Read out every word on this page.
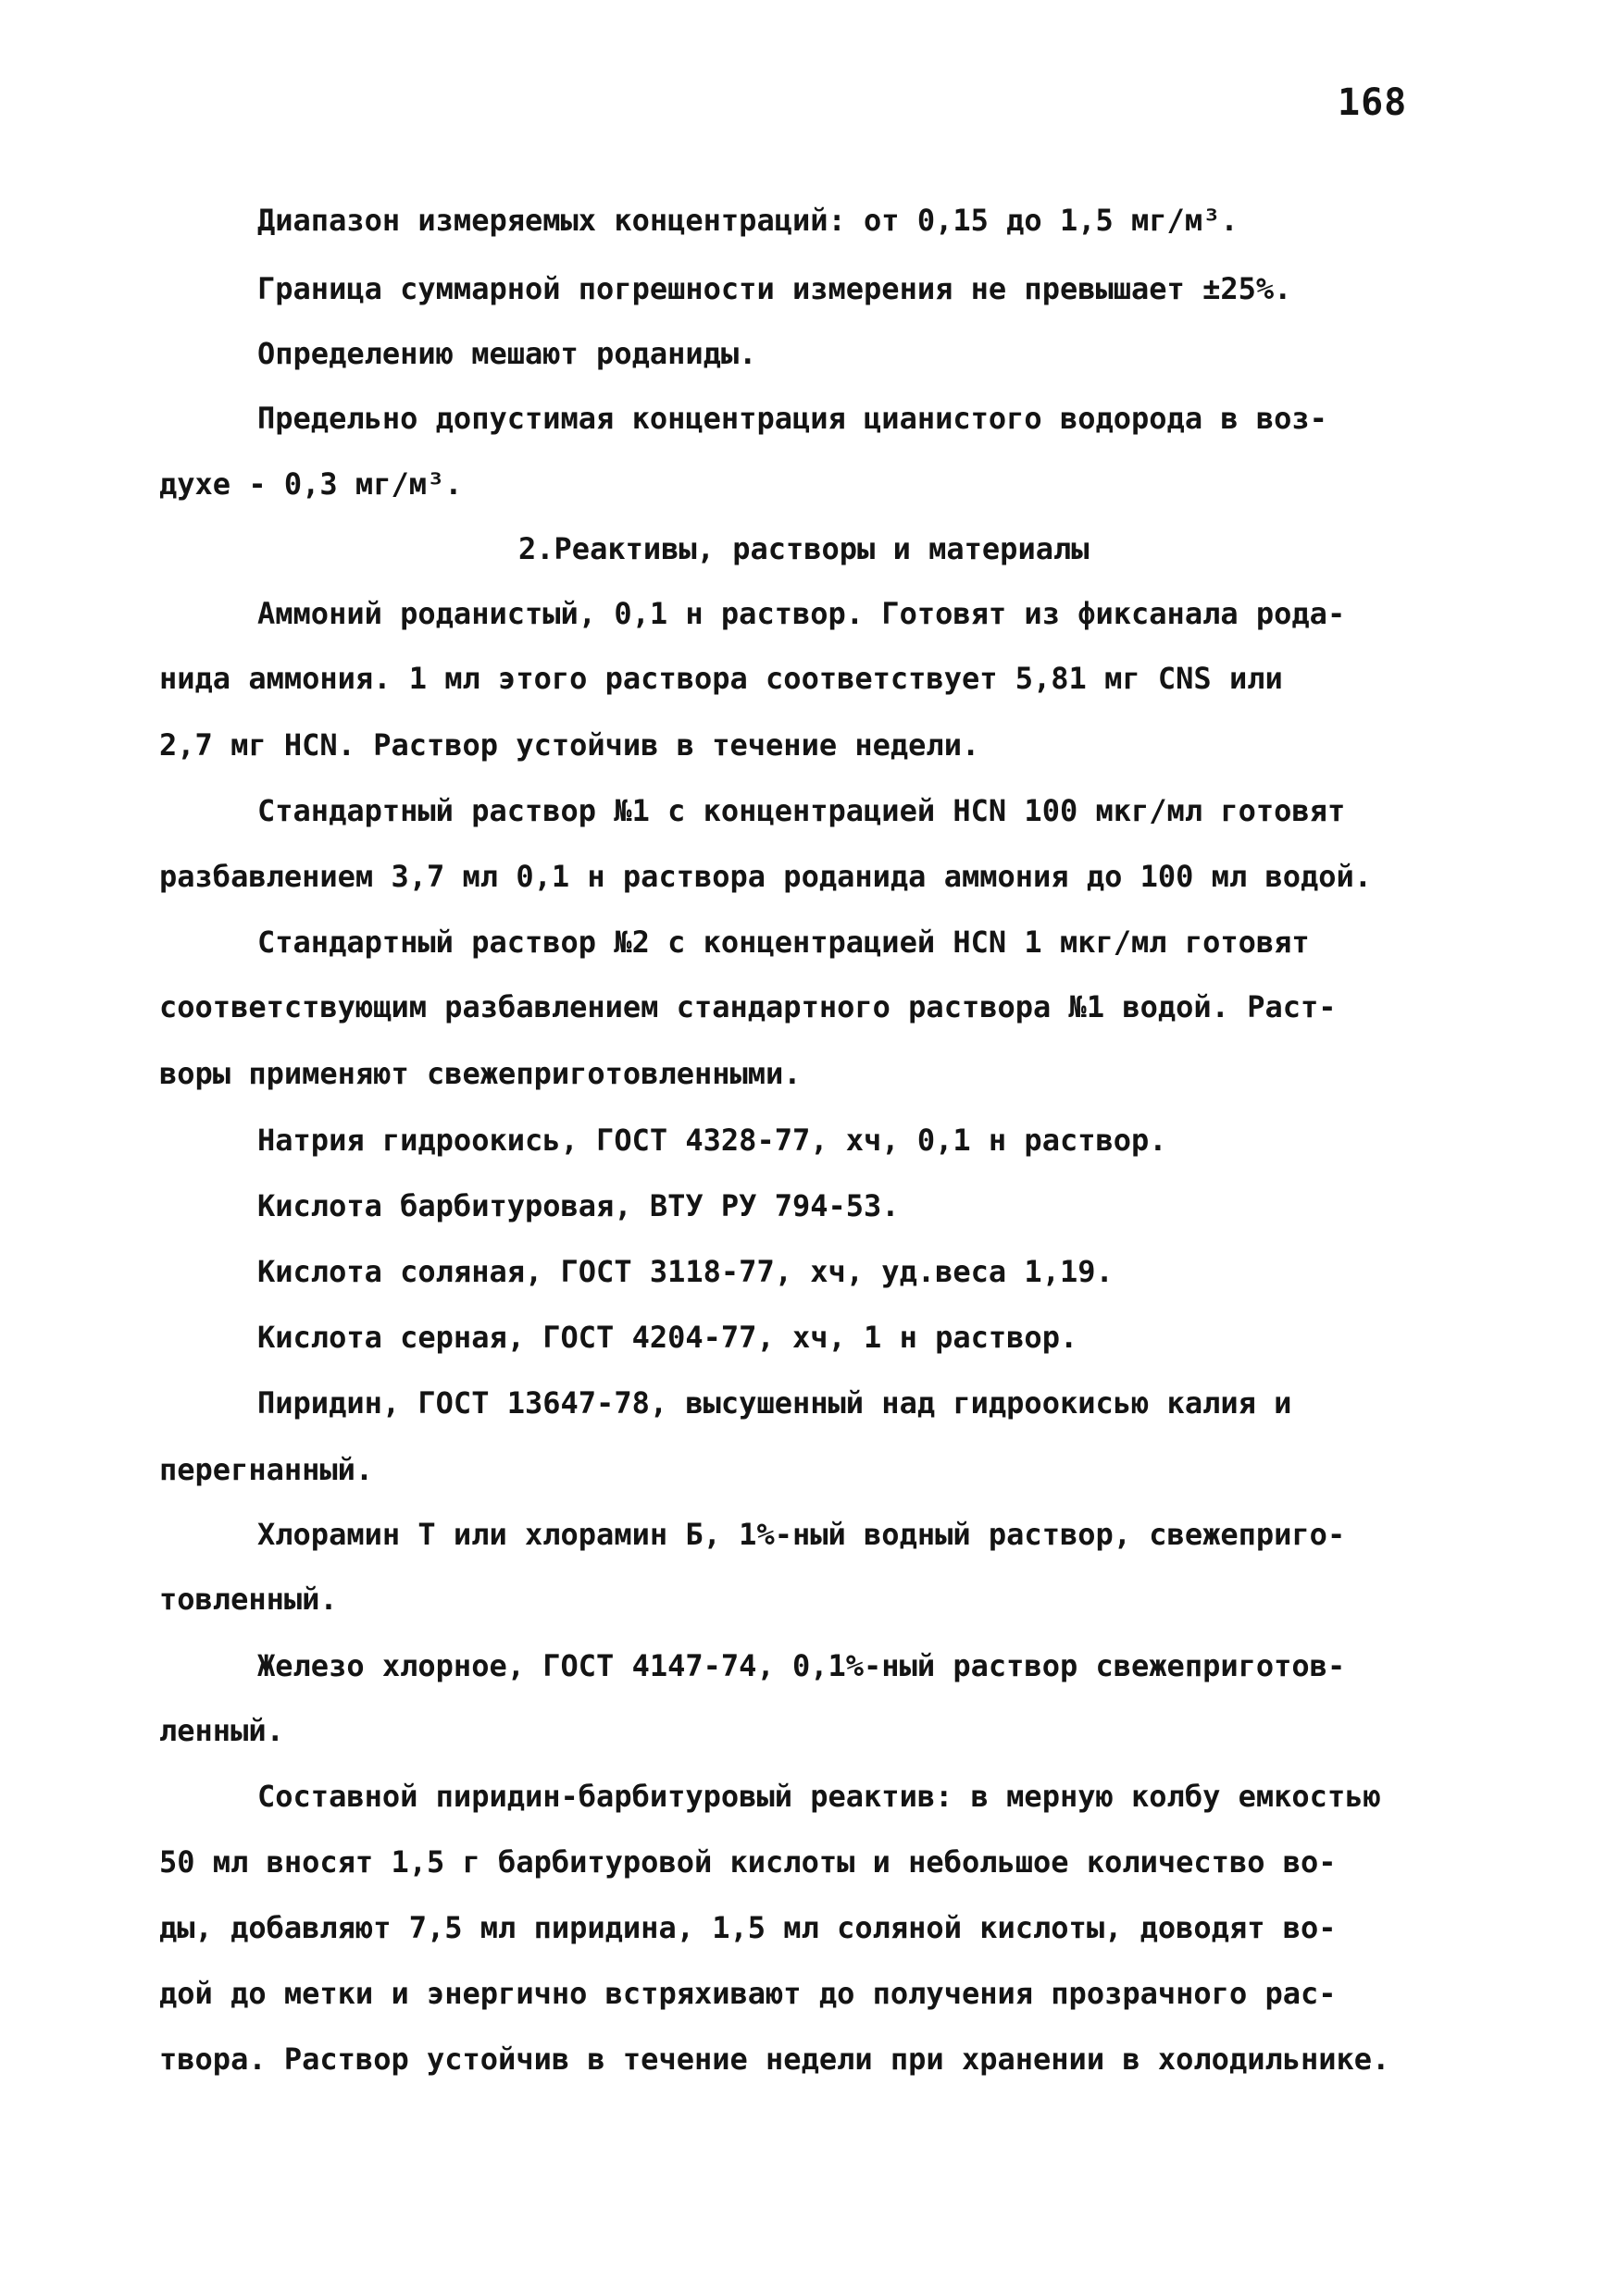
168
Диапазон измеряемых концентраций: от 0,15 до 1,5 мг/м³.
Граница суммарной погрешности измерения не превышает ±25%.
Определению мешают роданиды.
Предельно допустимая концентрация цианистого водорода в воз-
духе - 0,3 мг/м³.
2.Реактивы, растворы и материалы
Аммоний роданистый, 0,1 н раствор. Готовят из фиксанала рода-
нида аммония. 1 мл этого раствора соответствует 5,81 мг CNS или
2,7 мг HCN. Раствор устойчив в течение недели.
Стандартный раствор №1 с концентрацией HCN 100 мкг/мл готовят
разбавлением 3,7 мл 0,1 н раствора роданида аммония до 100 мл водой.
Стандартный раствор №2 с концентрацией HCN 1 мкг/мл готовят
соответствующим разбавлением стандартного раствора №1 водой. Раст-
воры применяют свежеприготовленными.
Натрия гидроокись, ГОСТ 4328-77, хч, 0,1 н раствор.
Кислота барбитуровая, ВТУ РУ 794-53.
Кислота соляная, ГОСТ 3118-77, хч, уд.веса 1,19.
Кислота серная, ГОСТ 4204-77, хч, 1 н раствор.
Пиридин, ГОСТ 13647-78, высушенный над гидроокисью калия и
перегнанный.
Хлорамин Т или хлорамин Б, 1%-ный водный раствор, свежеприго-
товленный.
Железо хлорное, ГОСТ 4147-74, 0,1%-ный раствор свежеприготов-
ленный.
Составной пиридин-барбитуровый реактив: в мерную колбу емкостью
50 мл вносят 1,5 г барбитуровой кислоты и небольшое количество во-
ды, добавляют 7,5 мл пиридина, 1,5 мл соляной кислоты, доводят во-
дой до метки и энергично встряхивают до получения прозрачного рас-
твора. Раствор устойчив в течение недели при хранении в холодильнике.
